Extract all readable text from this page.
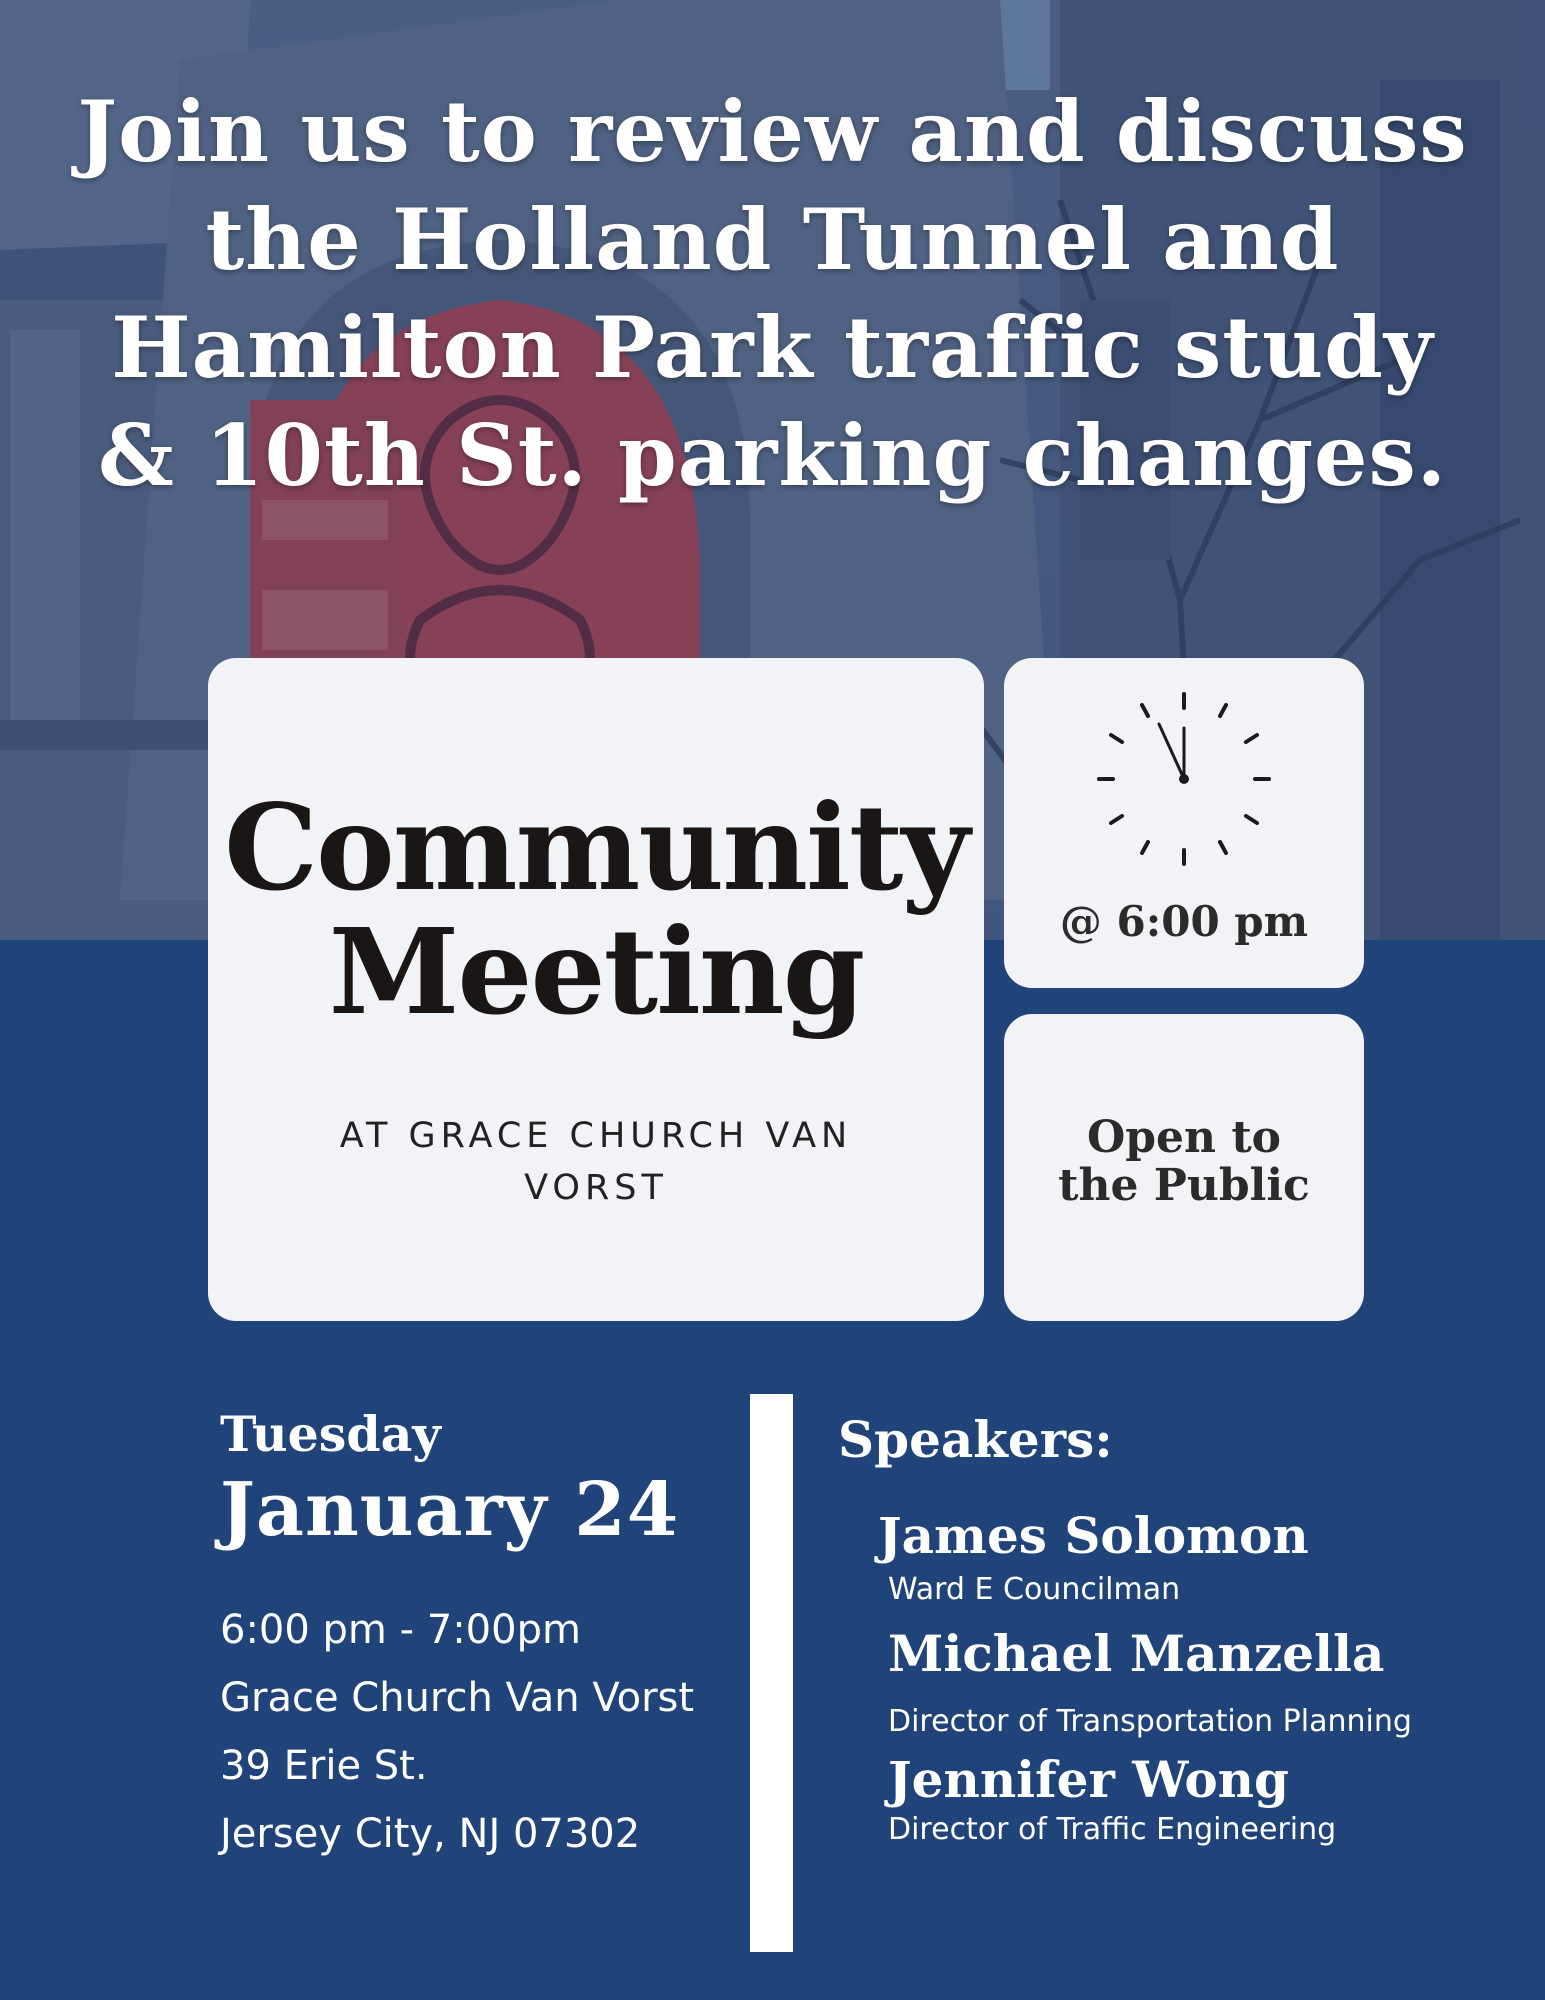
Join us to review and discuss the Holland Tunnel and Hamilton Park traffic study & 10th St. parking changes.
Community
Meeting
AT GRACE CHURCH VAN
VORST
@ 6:00 pm
Open to
the Public
Tuesday
January 24
6:00 pm - 7:00pm
Grace Church Van Vorst
39 Erie St.
Jersey City, NJ 07302
Speakers:
James Solomon
Ward E Councilman
Michael Manzella
Director of Transportation Planning
Jennifer Wong
Director of Traffic Engineering
